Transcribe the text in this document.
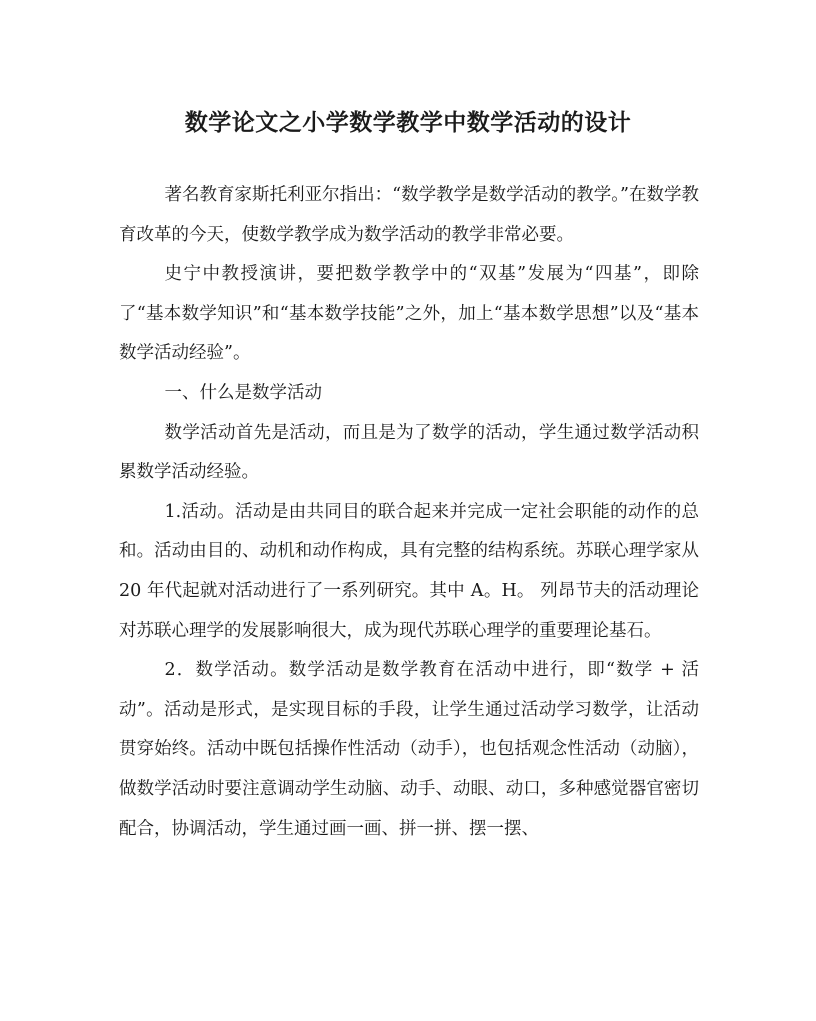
数学论文之小学数学教学中数学活动的设计

著名教育家斯托利亚尔指出：“数学教学是数学活动的教学。”在数学教育改革的今天，使数学教学成为数学活动的教学非常必要。

史宁中教授演讲，要把数学教学中的“双基”发展为“四基”，即除了“基本数学知识”和“基本数学技能”之外，加上“基本数学思想”以及“基本数学活动经验”。

一、什么是数学活动

数学活动首先是活动，而且是为了数学的活动，学生通过数学活动积累数学活动经验。

1.活动。活动是由共同目的联合起来并完成一定社会职能的动作的总和。活动由目的、动机和动作构成，具有完整的结构系统。苏联心理学家从 20 年代起就对活动进行了一系列研究。其中 А。Н。 列昂节夫的活动理论对苏联心理学的发展影响很大，成为现代苏联心理学的重要理论基石。

2．数学活动。数学活动是数学教育在活动中进行，即“数学 + 活动”。活动是形式，是实现目标的手段，让学生通过活动学习数学，让活动贯穿始终。活动中既包括操作性活动（动手），也包括观念性活动（动脑），做数学活动时要注意调动学生动脑、动手、动眼、动口，多种感觉器官密切配合，协调活动，学生通过画一画、拼一拼、摆一摆、
